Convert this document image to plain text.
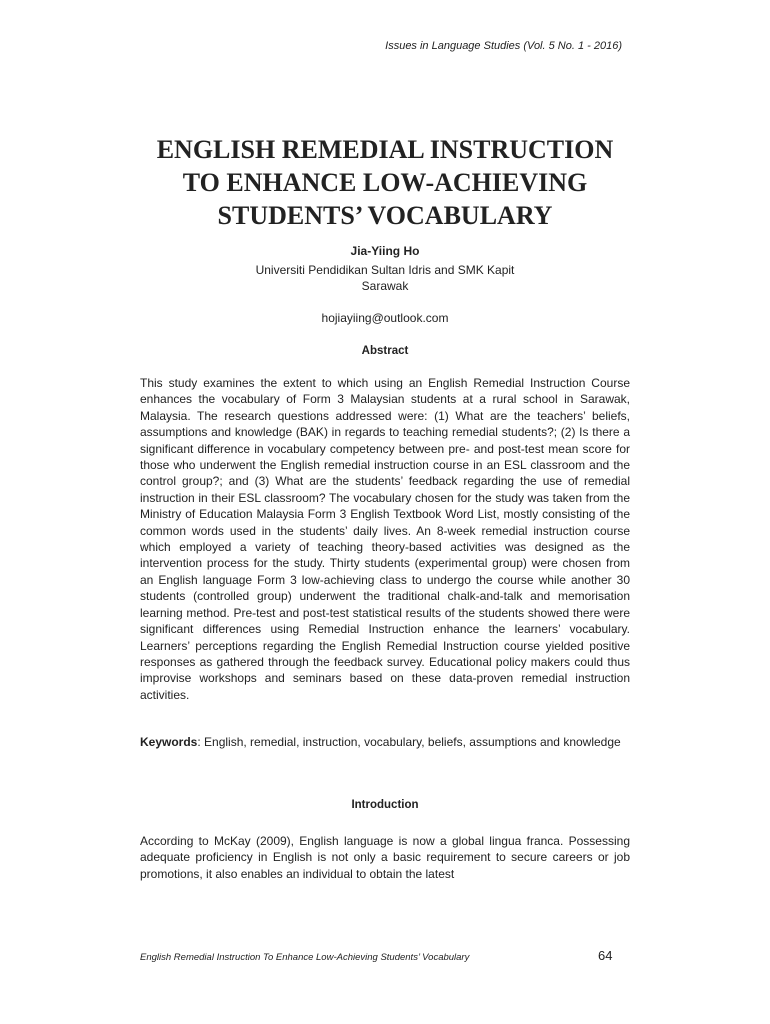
Issues in Language Studies (Vol. 5 No. 1 - 2016)
ENGLISH REMEDIAL INSTRUCTION
TO ENHANCE LOW-ACHIEVING
STUDENTS’ VOCABULARY
Jia-Yiing Ho
Universiti Pendidikan Sultan Idris and SMK Kapit
Sarawak
hojiayiing@outlook.com
Abstract

This study examines the extent to which using an English Remedial Instruction Course enhances the vocabulary of Form 3 Malaysian students at a rural school in Sarawak, Malaysia. The research questions addressed were: (1) What are the teachers’ beliefs, assumptions and knowledge (BAK) in regards to teaching remedial students?; (2) Is there a significant difference in vocabulary competency between pre- and post-test mean score for those who underwent the English remedial instruction course in an ESL classroom and the control group?; and (3) What are the students’ feedback regarding the use of remedial instruction in their ESL classroom? The vocabulary chosen for the study was taken from the Ministry of Education Malaysia Form 3 English Textbook Word List, mostly consisting of the common words used in the students’ daily lives. An 8-week remedial instruction course which employed a variety of teaching theory-based activities was designed as the intervention process for the study. Thirty students (experimental group) were chosen from an English language Form 3 low-achieving class to undergo the course while another 30 students (controlled group) underwent the traditional chalk-and-talk and memorisation learning method. Pre-test and post-test statistical results of the students showed there were significant differences using Remedial Instruction enhance the learners’ vocabulary. Learners’ perceptions regarding the English Remedial Instruction course yielded positive responses as gathered through the feedback survey. Educational policy makers could thus improvise workshops and seminars based on these data-proven remedial instruction activities.

Keywords: English, remedial, instruction, vocabulary, beliefs, assumptions and knowledge

Introduction

According to McKay (2009), English language is now a global lingua franca. Possessing adequate proficiency in English is not only a basic requirement to secure careers or job promotions, it also enables an individual to obtain the latest

English Remedial Instruction To Enhance Low-Achieving Students’ Vocabulary	64
